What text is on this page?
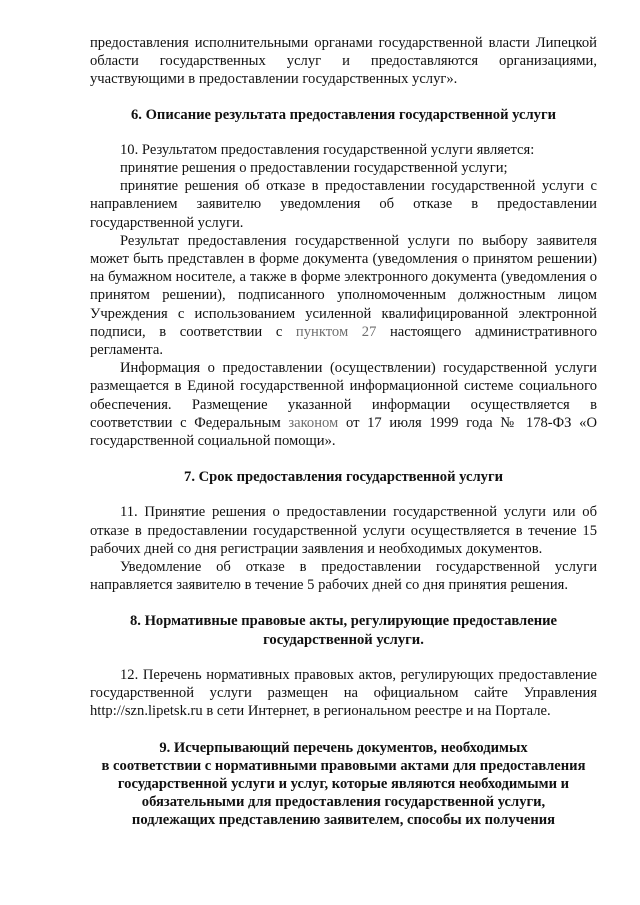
предоставления исполнительными органами государственной власти Липецкой области государственных услуг и предоставляются организациями, участвующими в предоставлении государственных услуг».

6. Описание результата предоставления государственной услуги

10. Результатом предоставления государственной услуги является:

принятие решения о предоставлении государственной услуги;

принятие решения об отказе в предоставлении государственной услуги с направлением заявителю уведомления об отказе в предоставлении государственной услуги.

Результат предоставления государственной услуги по выбору заявителя может быть представлен в форме документа (уведомления о принятом решении) на бумажном носителе, а также в форме электронного документа (уведомления о принятом решении), подписанного уполномоченным должностным лицом Учреждения с использованием усиленной квалифицированной электронной подписи, в соответствии с пунктом 27 настоящего административного регламента.

Информация о предоставлении (осуществлении) государственной услуги размещается в Единой государственной информационной системе социального обеспечения. Размещение указанной информации осуществляется в соответствии с Федеральным законом от 17 июля 1999 года № 178-ФЗ «О государственной социальной помощи».

7. Срок предоставления государственной услуги

11. Принятие решения о предоставлении государственной услуги или об отказе в предоставлении государственной услуги осуществляется в течение 15 рабочих дней со дня регистрации заявления и необходимых документов.

Уведомление об отказе в предоставлении государственной услуги направляется заявителю в течение 5 рабочих дней со дня принятия решения.

8. Нормативные правовые акты, регулирующие предоставление
государственной услуги.

12. Перечень нормативных правовых актов, регулирующих предоставление государственной услуги размещен на официальном сайте Управления http://szn.lipetsk.ru в сети Интернет, в региональном реестре и на Портале.

9. Исчерпывающий перечень документов, необходимых
в соответствии с нормативными правовыми актами для предоставления
государственной услуги и услуг, которые являются необходимыми и
обязательными для предоставления государственной услуги,
подлежащих представлению заявителем, способы их получения
